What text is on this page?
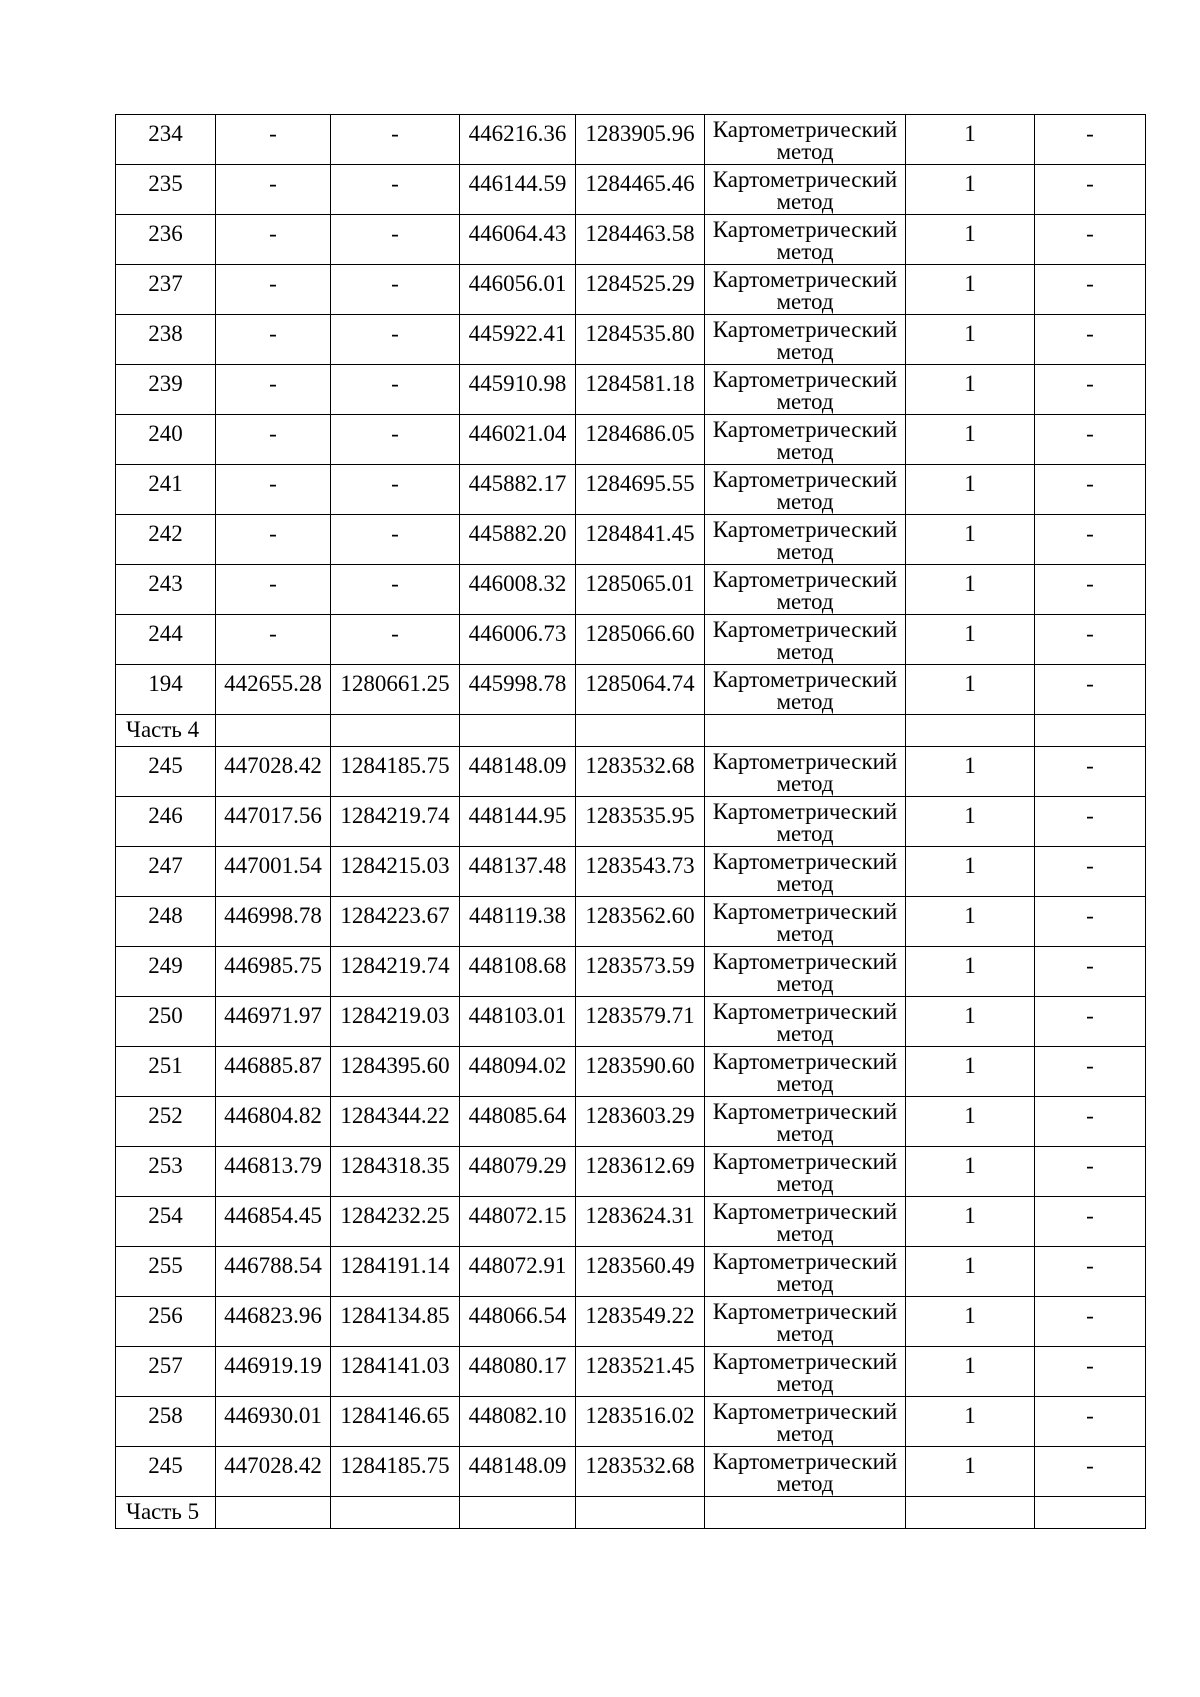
234	-	-	446216.36	1283905.96	Картометрический
метод	1	-

235	-	-	446144.59	1284465.46	Картометрический
метод	1	-

236	-	-	446064.43	1284463.58	Картометрический
метод	1	-

237	-	-	446056.01	1284525.29	Картометрический
метод	1	-

238	-	-	445922.41	1284535.80	Картометрический
метод	1	-

239	-	-	445910.98	1284581.18	Картометрический
метод	1	-

240	-	-	446021.04	1284686.05	Картометрический
метод	1	-

241	-	-	445882.17	1284695.55	Картометрический
метод	1	-

242	-	-	445882.20	1284841.45	Картометрический
метод	1	-

243	-	-	446008.32	1285065.01	Картометрический
метод	1	-

244	-	-	446006.73	1285066.60	Картометрический
метод	1	-

194	442655.28	1280661.25	445998.78	1285064.74	Картометрический
метод	1	-

Часть 4							

245	447028.42	1284185.75	448148.09	1283532.68	Картометрический
метод	1	-

246	447017.56	1284219.74	448144.95	1283535.95	Картометрический
метод	1	-

247	447001.54	1284215.03	448137.48	1283543.73	Картометрический
метод	1	-

248	446998.78	1284223.67	448119.38	1283562.60	Картометрический
метод	1	-

249	446985.75	1284219.74	448108.68	1283573.59	Картометрический
метод	1	-

250	446971.97	1284219.03	448103.01	1283579.71	Картометрический
метод	1	-

251	446885.87	1284395.60	448094.02	1283590.60	Картометрический
метод	1	-

252	446804.82	1284344.22	448085.64	1283603.29	Картометрический
метод	1	-

253	446813.79	1284318.35	448079.29	1283612.69	Картометрический
метод	1	-

254	446854.45	1284232.25	448072.15	1283624.31	Картометрический
метод	1	-

255	446788.54	1284191.14	448072.91	1283560.49	Картометрический
метод	1	-

256	446823.96	1284134.85	448066.54	1283549.22	Картометрический
метод	1	-

257	446919.19	1284141.03	448080.17	1283521.45	Картометрический
метод	1	-

258	446930.01	1284146.65	448082.10	1283516.02	Картометрический
метод	1	-

245	447028.42	1284185.75	448148.09	1283532.68	Картометрический
метод	1	-

Часть 5							
